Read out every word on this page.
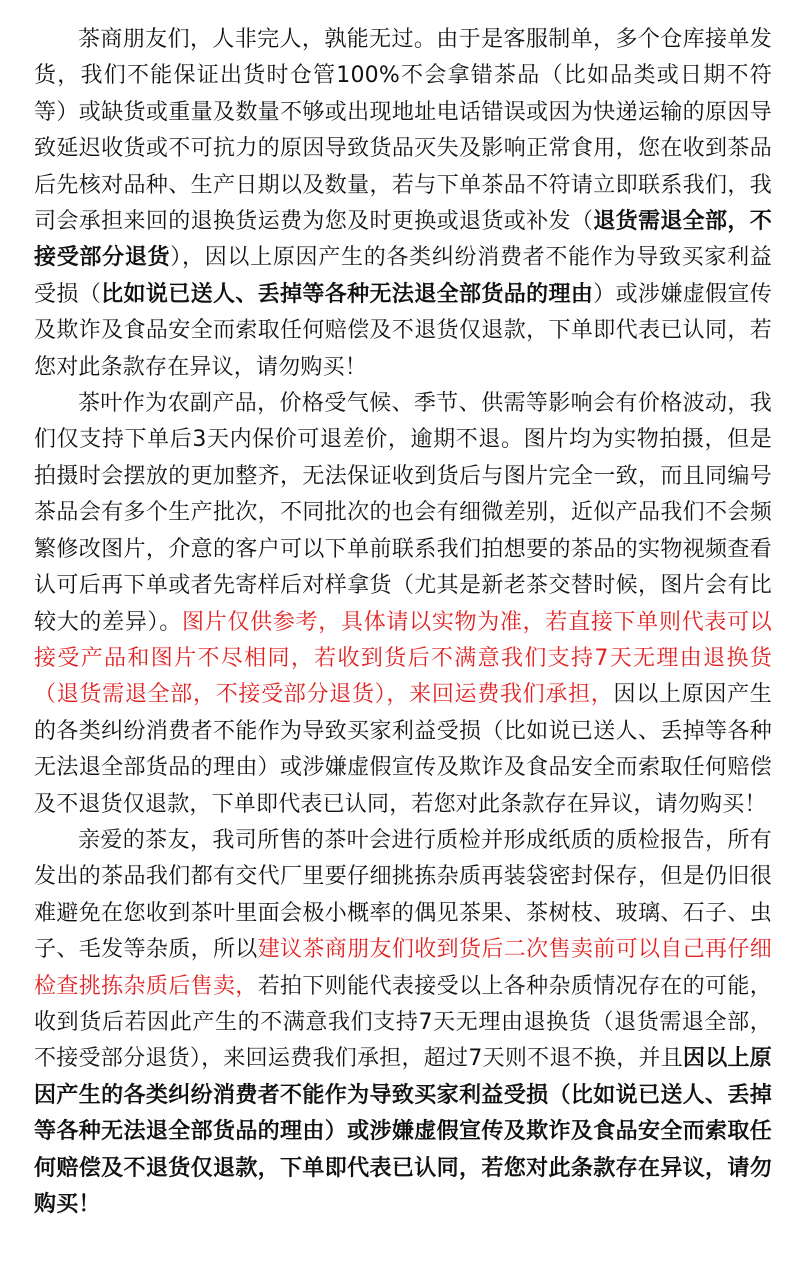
茶商朋友们，人非完人，孰能无过。由于是客服制单，多个仓库接单发货，我们不能保证出货时仓管100%不会拿错茶品（比如品类或日期不符等）或缺货或重量及数量不够或出现地址电话错误或因为快递运输的原因导致延迟收货或不可抗力的原因导致货品灭失及影响正常食用，您在收到茶品后先核对品种、生产日期以及数量，若与下单茶品不符请立即联系我们，我司会承担来回的退换货运费为您及时更换或退货或补发（退货需退全部，不接受部分退货），因以上原因产生的各类纠纷消费者不能作为导致买家利益受损（比如说已送人、丢掉等各种无法退全部货品的理由）或涉嫌虚假宣传及欺诈及食品安全而索取任何赔偿及不退货仅退款，下单即代表已认同，若您对此条款存在异议，请勿购买！

茶叶作为农副产品，价格受气候、季节、供需等影响会有价格波动，我们仅支持下单后3天内保价可退差价，逾期不退。图片均为实物拍摄，但是拍摄时会摆放的更加整齐，无法保证收到货后与图片完全一致，而且同编号茶品会有多个生产批次，不同批次的也会有细微差别，近似产品我们不会频繁修改图片，介意的客户可以下单前联系我们拍想要的茶品的实物视频查看认可后再下单或者先寄样后对样拿货（尤其是新老茶交替时候，图片会有比较大的差异）。图片仅供参考，具体请以实物为准，若直接下单则代表可以接受产品和图片不尽相同，若收到货后不满意我们支持7天无理由退换货（退货需退全部，不接受部分退货），来回运费我们承担，因以上原因产生的各类纠纷消费者不能作为导致买家利益受损（比如说已送人、丢掉等各种无法退全部货品的理由）或涉嫌虚假宣传及欺诈及食品安全而索取任何赔偿及不退货仅退款，下单即代表已认同，若您对此条款存在异议，请勿购买！

亲爱的茶友，我司所售的茶叶会进行质检并形成纸质的质检报告，所有发出的茶品我们都有交代厂里要仔细挑拣杂质再装袋密封保存，但是仍旧很难避免在您收到茶叶里面会极小概率的偶见茶果、茶树枝、玻璃、石子、虫子、毛发等杂质，所以建议茶商朋友们收到货后二次售卖前可以自己再仔细检查挑拣杂质后售卖，若拍下则能代表接受以上各种杂质情况存在的可能，收到货后若因此产生的不满意我们支持7天无理由退换货（退货需退全部，不接受部分退货），来回运费我们承担，超过7天则不退不换，并且因以上原因产生的各类纠纷消费者不能作为导致买家利益受损（比如说已送人、丢掉等各种无法退全部货品的理由）或涉嫌虚假宣传及欺诈及食品安全而索取任何赔偿及不退货仅退款，下单即代表已认同，若您对此条款存在异议，请勿购买！
